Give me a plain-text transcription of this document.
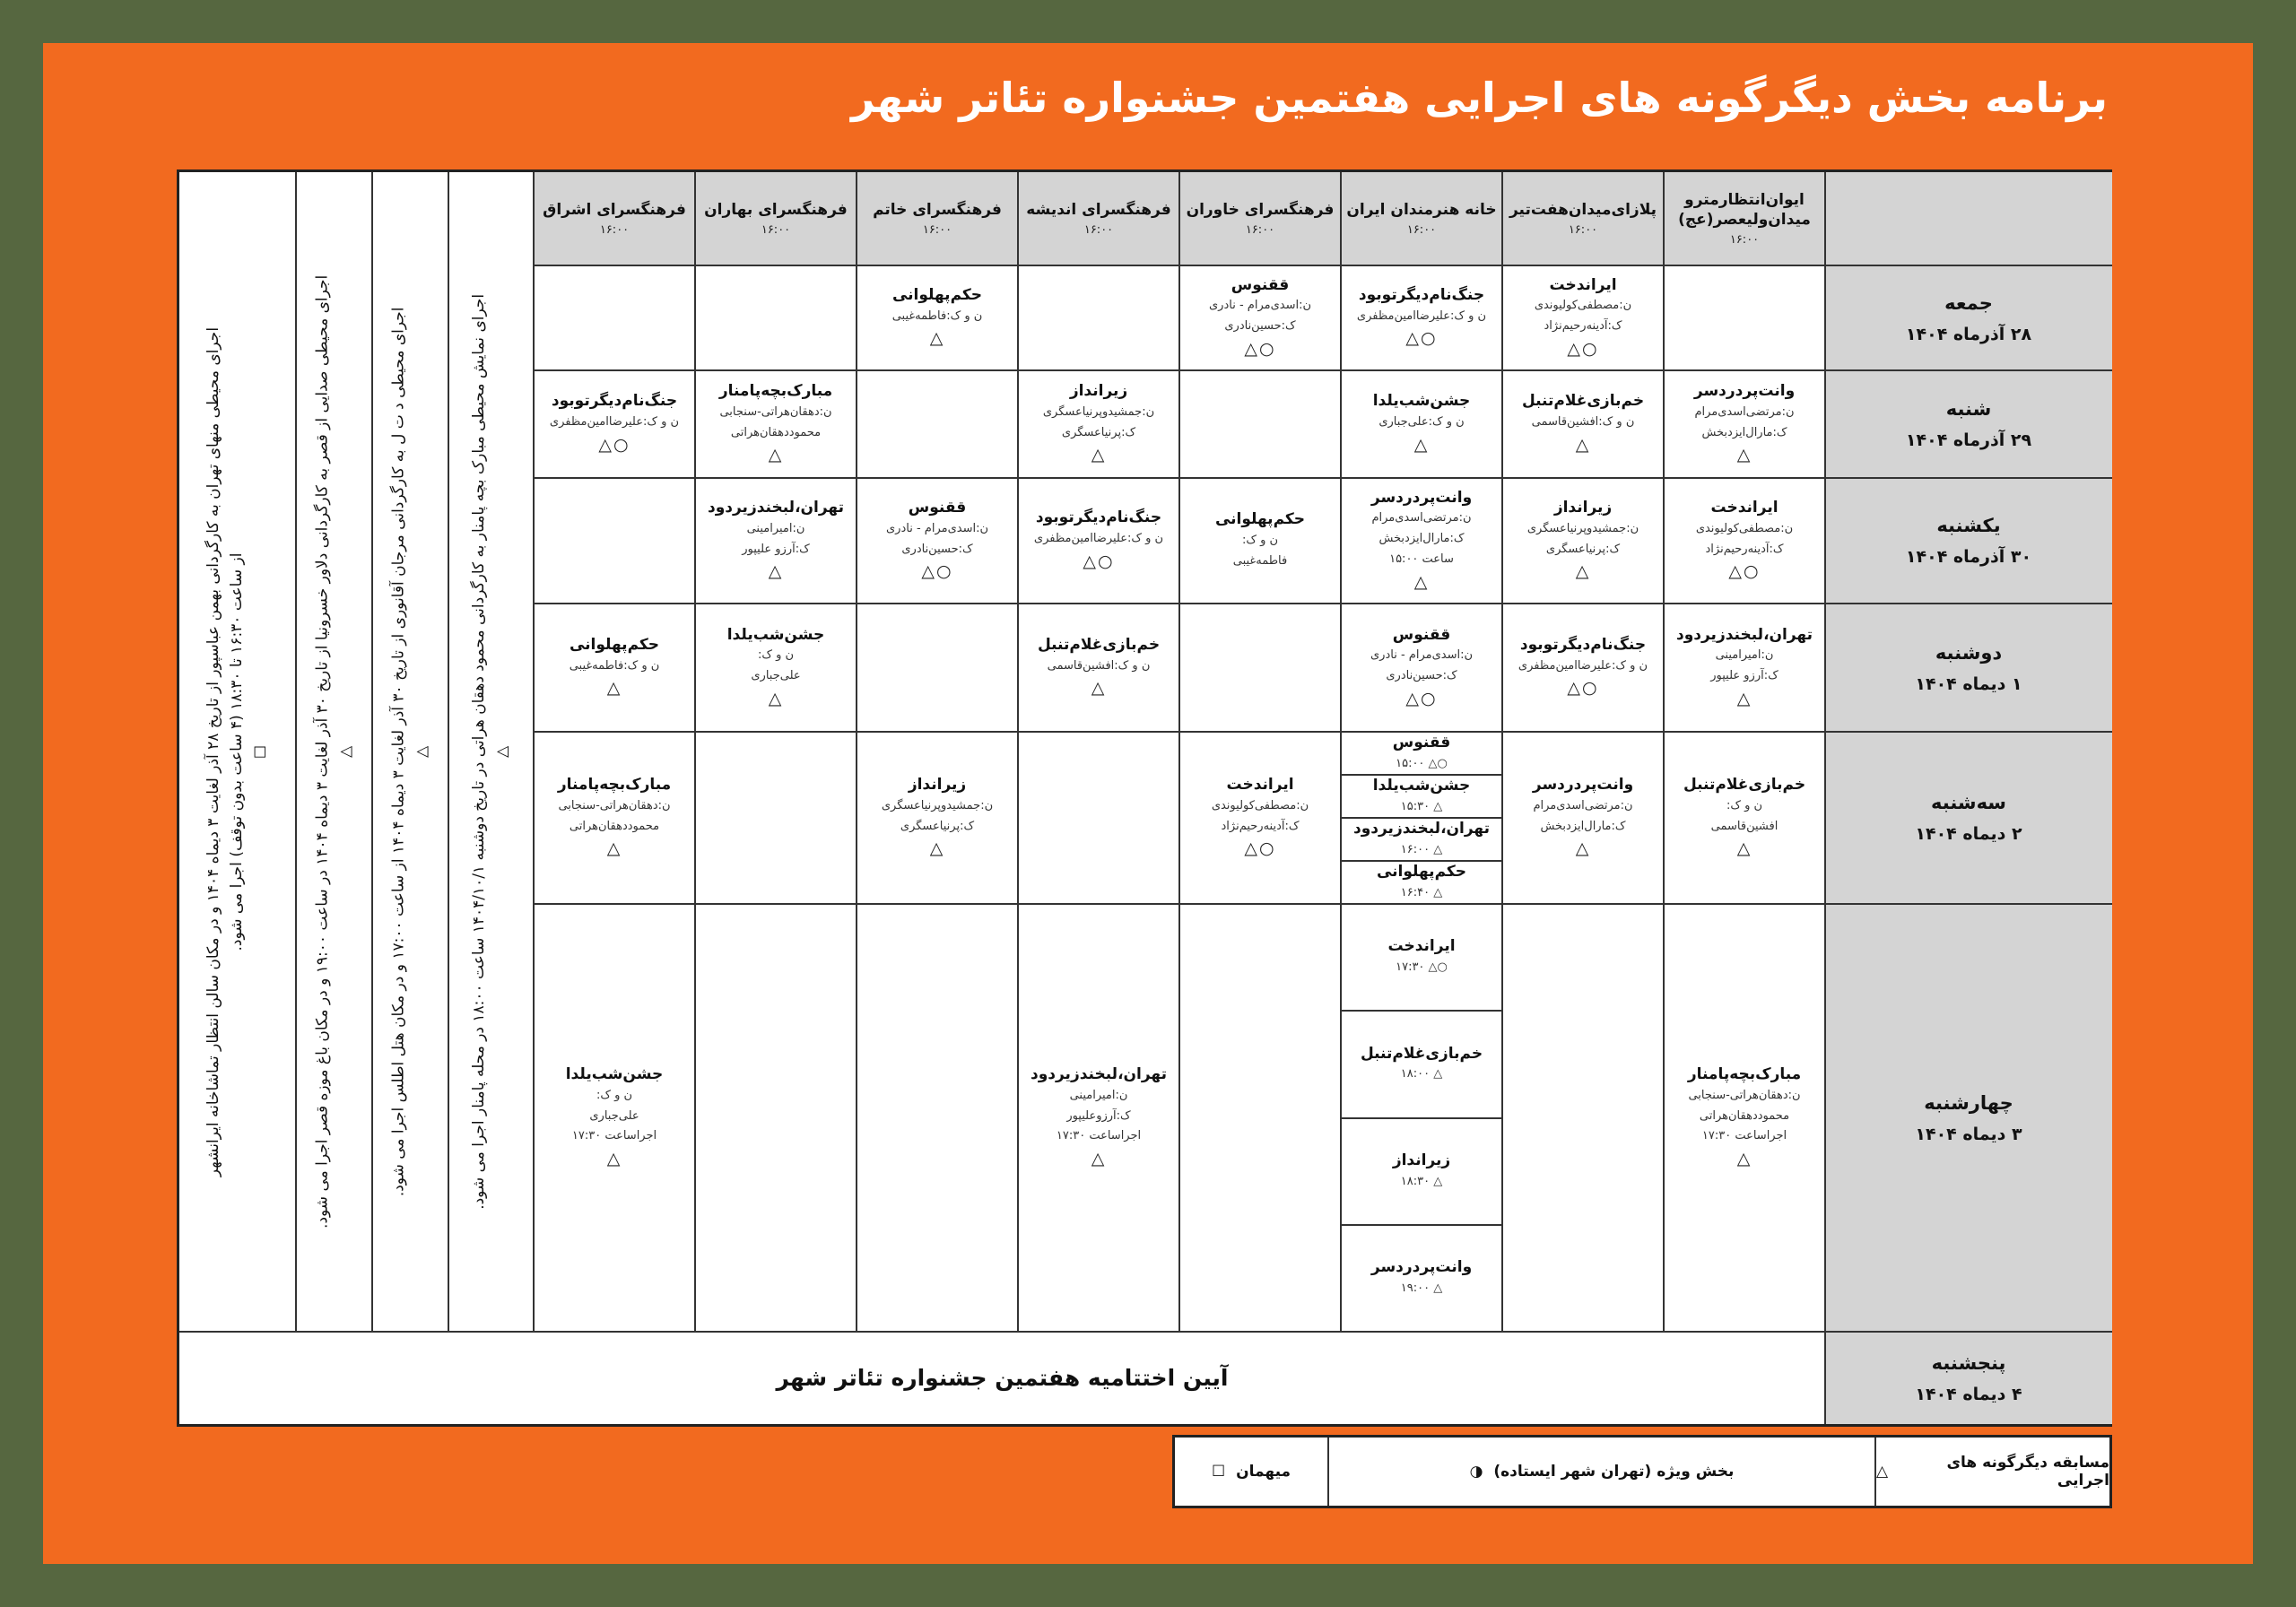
برنامه بخش دیگرگونه های اجرایی هفتمین جشنواره تئاتر شهر
ایوان‌انتظارمترو میدان‌ولیعصر(عج)
۱۶:۰۰
پلازای‌میدان‌هفت‌تیر
۱۶:۰۰
خانه هنرمندان ایران
۱۶:۰۰
فرهنگسرای خاوران
۱۶:۰۰
فرهنگسرای اندیشه
۱۶:۰۰
فرهنگسرای خاتم
۱۶:۰۰
فرهنگسرای بهاران
۱۶:۰۰
فرهنگسرای اشراق
۱۶:۰۰
جمعه
۲۸ آذرماه ۱۴۰۴
شنبه
۲۹ آذرماه ۱۴۰۴
یکشنبه
۳۰ آذرماه ۱۴۰۴
دوشنبه
۱ دیماه ۱۴۰۴
سه‌شنبه
۲ دیماه ۱۴۰۴
چهارشنبه
۳ دیماه ۱۴۰۴
پنجشنبه
۴ دیماه ۱۴۰۴
ایراندخت
ن:مصطفی‌کولیوندی
ک:آدینه‌رحیم‌نژاد
○△
جنگ‌نام‌دیگرتوبود
ن و ک:علیرضاامین‌مظفری
○△
ققنوس
ن:اسدی‌مرام - نادری
ک:حسین‌نادری
○△
حکم‌پهلوانی
ن و ک:فاطمه‌غیبی
△
وانت‌پردردسر
ن:مرتضی‌اسدی‌مرام
ک:مارال‌ایزدبخش
△
خم‌بازی‌غلام‌تنبل
ن و ک:افشین‌قاسمی
△
جشن‌شب‌یلدا
ن و ک:علی‌جباری
△
زیرانداز
ن:جمشیدوپرنیاعسگری
ک:پرنیاعسگری
△
مبارک‌بچه‌پامنار
ن:دهقان‌هراتی-سنجابی
محموددهقان‌هراتی
△
جنگ‌نام‌دیگرتوبود
ن و ک:علیرضاامین‌مظفری
○△
ایراندخت
ن:مصطفی‌کولیوندی
ک:آدینه‌رحیم‌نژاد
○△
زیرانداز
ن:جمشیدوپرنیاعسگری
ک:پرنیاعسگری
△
وانت‌پردردسر
ن:مرتضی‌اسدی‌مرام
ک:مارال‌ایزدبخش
ساعت ۱۵:۰۰
△
حکم‌پهلوانی
ن و ک:
فاطمه‌غیبی
جنگ‌نام‌دیگرتوبود
ن و ک:علیرضاامین‌مظفری
○△
ققنوس
ن:اسدی‌مرام - نادری
ک:حسین‌نادری
○△
تهران،لبخندزیردود
ن:امیرامینی
ک:آرزو علیپور
△
تهران،لبخندزیردود
ن:امیرامینی
ک:آرزو علیپور
△
جنگ‌نام‌دیگرتوبود
ن و ک:علیرضاامین‌مظفری
○△
ققنوس
ن:اسدی‌مرام - نادری
ک:حسین‌نادری
○△
خم‌بازی‌غلام‌تنبل
ن و ک:افشین‌قاسمی
△
جشن‌شب‌یلدا
ن و ک:
علی‌جباری
△
حکم‌پهلوانی
ن و ک:فاطمه‌غیبی
△
خم‌بازی‌غلام‌تنبل
ن و ک:
افشین‌قاسمی
△
وانت‌پردردسر
ن:مرتضی‌اسدی‌مرام
ک:مارال‌ایزدبخش
△
ایراندخت
ن:مصطفی‌کولیوندی
ک:آدینه‌رحیم‌نژاد
○△
زیرانداز
ن:جمشیدوپرنیاعسگری
ک:پرنیاعسگری
△
مبارک‌بچه‌پامنار
ن:دهقان‌هراتی-سنجابی
محموددهقان‌هراتی
△
مبارک‌بچه‌پامنار
ن:دهقان‌هراتی-سنجابی
محموددهقان‌هراتی
اجراساعت ۱۷:۳۰
△
تهران،لبخندزیردود
ن:امیرامینی
ک:آرزوعلیپور
اجراساعت ۱۷:۳۰
△
جشن‌شب‌یلدا
ن و ک:
علی‌جباری
اجراساعت ۱۷:۳۰
△
ققنوس
○△ ۱۵:۰۰
جشن‌شب‌یلدا
△ ۱۵:۳۰
تهران،لبخندزیردود
△ ۱۶:۰۰
حکم‌پهلوانی
△ ۱۶:۴۰
ایراندخت
○△ ۱۷:۳۰
خم‌بازی‌غلام‌تنبل
△ ۱۸:۰۰
زیرانداز
△ ۱۸:۳۰
وانت‌پردردسر
△ ۱۹:۰۰
اجرای نمایش محیطی مبارک بچه پامنار به کارگردانی محمود دهقان هراتی در تاریخ دوشنبه ۱۴۰۴/۱۰/۱ ساعت ۱۸:۰۰ در محله پامنار اجرا می شود. △
اجرای محیطی د ت ل به کارگردانی مرجان آقانوری از تاریخ ۳۰ آذر لغایت ۳ دیماه ۱۴۰۴ از ساعت ۱۷:۰۰ و در مکان هتل اطلس اجرا می شود.
△
اجرای محیطی صدایی از قصر به کارگردانی دلاور خسرونیا از تاریخ ۳۰ آذر لغایت ۳ دیماه ۱۴۰۴ در ساعت ۱۹:۰۰ و در مکان باغ موزه قصر اجرا می شود.
△
اجرای محیطی منهای تهران به کارگردانی بهمن عباسپور از تاریخ ۲۸ آذر لغایت ۳ دیماه ۱۴۰۴ و در مکان سالن انتظار تماشاخانه ایرانشهر
از ساعت ۱۶:۳۰ تا ۱۸:۳۰ (۴ ساعت بدون توقف) اجرا می شود.
☐
آیین اختتامیه هفتمین جشنواره تئاتر شهر
مسابقه دیگرگونه های اجرایی

△
بخش ویژه (تهران شهر ایستاده)

◑
میهمان

☐
